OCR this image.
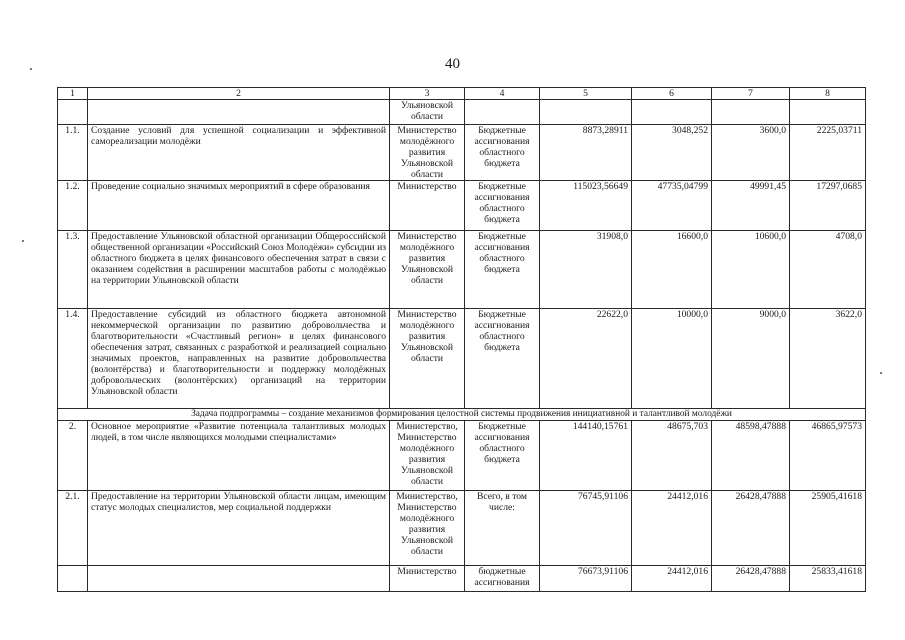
40
1	2	3	4	5	6	7	8
		Ульяновской области					
1.1.	Создание условий для успешной социализации и эффективной самореализации молодёжи	Министерство молодёжного развития Ульяновской области	Бюджетные ассигнования областного бюджета	8873,28911	3048,252	3600,0	2225,03711
1.2.	Проведение социально значимых мероприятий в сфере образования	Министерство	Бюджетные ассигнования областного бюджета	115023,56649	47735,04799	49991,45	17297,0685
1.3.	Предоставление Ульяновской областной организации Общероссийской общественной организации «Российский Союз Молодёжи» субсидии из областного бюджета в целях финансового обеспечения затрат в связи с оказанием содействия в расширении масштабов работы с молодёжью на территории Ульяновской области	Министерство молодёжного развития Ульяновской области	Бюджетные ассигнования областного бюджета	31908,0	16600,0	10600,0	4708,0
1.4.	Предоставление субсидий из областного бюджета автономной некоммерческой организации по развитию добровольчества и благотворительности «Счастливый регион» в целях финансового обеспечения затрат, связанных с разработкой и реализацией социально значимых проектов, направленных на развитие добровольчества (волонтёрства) и благотворительности и поддержку молодёжных добровольческих (волонтёрских) организаций на территории Ульяновской области	Министерство молодёжного развития Ульяновской области	Бюджетные ассигнования областного бюджета	22622,0	10000,0	9000,0	3622,0
Задача подпрограммы – создание механизмов формирования целостной системы продвижения инициативной и талантливой молодёжи							
2.	Основное мероприятие «Развитие потенциала талантливых молодых людей, в том числе являющихся молодыми специалистами»	Министерство, Министерство молодёжного развития Ульяновской области	Бюджетные ассигнования областного бюджета	144140,15761	48675,703	48598,47888	46865,97573
2.1.	Предоставление на территории Ульяновской области лицам, имеющим статус молодых специалистов, мер социальной поддержки	Министерство, Министерство молодёжного развития Ульяновской области	Всего, в том числе:	76745,91106	24412,016	26428,47888	25905,41618
		Министерство	бюджетные ассигнования	76673,91106	24412,016	26428,47888	25833,41618
